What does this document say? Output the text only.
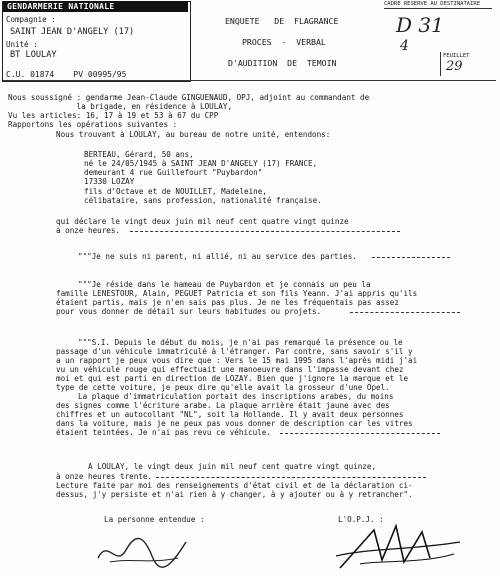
GENDARMERIE NATIONALE
Compagnie :
SAINT JEAN D'ANGELY (17)
Unité :
BT LOULAY
C.U. 01874    PV 00995/95
ENQUETE   DE  FLAGRANCE
PROCES  -  VERBAL
D'AUDITION  DE  TEMOIN
CADRE RESERVE AU DESTINATAIRE
D 31
4
FEUILLET
29
Nous soussigné : gendarme Jean-Claude GINGUENAUD, OPJ, adjoint au commandant de
la brigade, en résidence à LOULAY,
Vu les articles: 16, 17 à 19 et 53 à 67 du CPP
Rapportons les opérations suivantes :
Nous trouvant à LOULAY, au bureau de notre unité, entendons:
BERTEAU, Gérard, 50 ans,
né le 24/05/1945 à SAINT JEAN D'ANGELY (17) FRANCE,
demeurant 4 rue Guillefourt "Puybardon"
17330 LOZAY
fils d'Octave et de NOUILLET, Madeleine,
célibataire, sans profession, nationalité française.
qui déclare le vingt deux juin mil neuf cent quatre vingt quinze
à onze heures.
"""Je ne suis ni parent, ni allié, ni au service des parties.
"""Je réside dans le hameau de Puybardon et je connais un peu la
famille LENESTOUR, Alain, PEGUET Patricia et son fils Yeann. J'ai appris qu'ils
étaient partis, mais je n'en sais pas plus. Je ne les fréquentais pas assez
pour vous donner de détail sur leurs habitudes ou projets.
"""S.I. Depuis le début du mois, je n'ai pas remarqué la présence ou le
passage d'un véhicule immatriculé à l'étranger. Par contre, sans savoir s'il y
a un rapport je peux vous dire que : Vers le 15 mai 1995 dans l'après midi j'ai
vu un véhicule rouge qui effectuait une manoeuvre dans l'impasse devant chez
moi et qui est parti en direction de LOZAY. Bien que j'ignore la marque et le
type de cette voiture, je peux dire qu'elle avait la grosseur d'une Opel.
La plaque d'immatriculation portait des inscriptions arabes, du moins
des signes comme l'écriture arabe. La plaque arrière était jaune avec des
chiffres et un autocollant "NL", soit la Hollande. Il y avait deux personnes
dans la voiture, mais je ne peux pas vous donner de description car les vitres
étaient teintées. Je n'ai pas revu ce véhicule.
A LOULAY, le vingt deux juin mil neuf cent quatre vingt quinze,
à onze heures trente.
Lecture faite par moi des renseignements d'état civil et de la déclaration ci-
dessus, j'y persiste et n'ai rien à y changer, à y ajouter ou à y retrancher".
La personne entendue :	L'O.P.J. :
